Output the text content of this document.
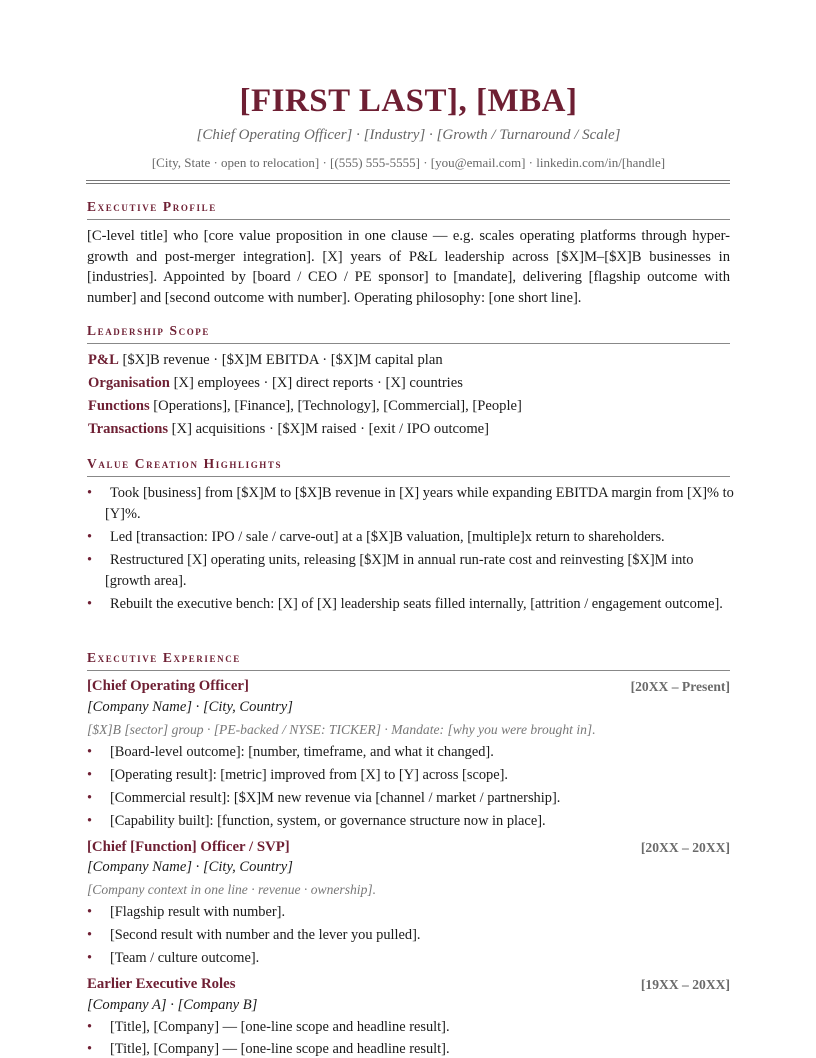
[FIRST LAST], [MBA]
[Chief Operating Officer] · [Industry] · [Growth / Turnaround / Scale]
[City, State · open to relocation] · [(555) 555-5555] · [you@email.com] · linkedin.com/in/[handle]
Executive Profile
[C-level title] who [core value proposition in one clause — e.g. scales operating platforms through hyper-growth and post-merger integration]. [X] years of P&L leadership across [$X]M–[$X]B businesses in [industries]. Appointed by [board / CEO / PE sponsor] to [mandate], delivering [flagship outcome with number] and [second outcome with number]. Operating philosophy: [one short line].
Leadership Scope
P&L [$X]B revenue · [$X]M EBITDA · [$X]M capital plan
Organisation [X] employees · [X] direct reports · [X] countries
Functions [Operations], [Finance], [Technology], [Commercial], [People]
Transactions [X] acquisitions · [$X]M raised · [exit / IPO outcome]
Value Creation Highlights
• Took [business] from [$X]M to [$X]B revenue in [X] years while expanding EBITDA margin from [X]% to [Y]%.
• Led [transaction: IPO / sale / carve-out] at a [$X]B valuation, [multiple]x return to shareholders.
• Restructured [X] operating units, releasing [$X]M in annual run-rate cost and reinvesting [$X]M into [growth area].
• Rebuilt the executive bench: [X] of [X] leadership seats filled internally, [attrition / engagement outcome].
Executive Experience
[Chief Operating Officer]	[20XX – Present]
[Company Name] · [City, Country]
[$X]B [sector] group · [PE-backed / NYSE: TICKER] · Mandate: [why you were brought in].
• [Board-level outcome]: [number, timeframe, and what it changed].
• [Operating result]: [metric] improved from [X] to [Y] across [scope].
• [Commercial result]: [$X]M new revenue via [channel / market / partnership].
• [Capability built]: [function, system, or governance structure now in place].
[Chief [Function] Officer / SVP]	[20XX – 20XX]
[Company Name] · [City, Country]
[Company context in one line · revenue · ownership].
• [Flagship result with number].
• [Second result with number and the lever you pulled].
• [Team / culture outcome].
Earlier Executive Roles	[19XX – 20XX]
[Company A] · [Company B]
• [Title], [Company] — [one-line scope and headline result].
• [Title], [Company] — [one-line scope and headline result].
